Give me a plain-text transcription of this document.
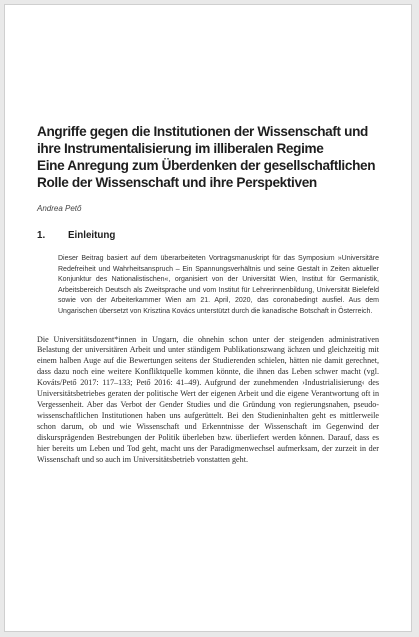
Angriffe gegen die Institutionen der Wissenschaft und ihre Instrumentalisierung im illiberalen Regime
Eine Anregung zum Überdenken der gesellschaftlichen Rolle der Wissenschaft und ihre Perspektiven
Andrea Pető
1.	Einleitung

Dieser Beitrag basiert auf dem überarbeiteten Vortragsmanuskript für das Symposium »Universitäre Redefreiheit und Wahrheitsanspruch – Ein Spannungsverhältnis und seine Gestalt in Zeiten aktueller Konjunktur des Nationalistischen«, organisiert von der Universität Wien, Institut für Germanistik, Arbeitsbereich Deutsch als Zweitsprache und vom Institut für Lehrerinnenbildung, Universität Bielefeld sowie von der Arbeiterkammer Wien am 21. April, 2020, das coronabedingt ausfiel. Aus dem Ungarischen übersetzt von Krisztina Kovács unterstützt durch die kanadische Botschaft in Österreich.

Die Universitätsdozent*innen in Ungarn, die ohnehin schon unter der steigenden administrativen Belastung der universitären Arbeit und unter ständigem Publikationszwang ächzen und gleichzeitig mit einem halben Auge auf die Bewertungen seitens der Studierenden schielen, hätten nie damit gerechnet, dass dazu noch eine weitere Konfliktquelle kommen könnte, die ihnen das Leben schwer macht (vgl. Kováts/Pető 2017: 117–133; Pető 2016: 41–49). Aufgrund der zunehmenden ›Industrialisierung‹ des Universitätsbetriebes geraten der politische Wert der eigenen Arbeit und die eigene Verantwortung oft in Vergessenheit. Aber das Verbot der Gender Studies und die Gründung von regierungsnahen, pseudo-wissenschaftlichen Institutionen haben uns aufgerüttelt. Bei den Studieninhalten geht es mittlerweile schon darum, ob und wie Wissenschaft und Erkenntnisse der Wissenschaft im Gegenwind der diskursprägenden Bestrebungen der Politik überleben bzw. überliefert werden können. Darauf, dass es hier bereits um Leben und Tod geht, macht uns der Paradigmenwechsel aufmerksam, der zurzeit in der Wissenschaft und so auch im Universitätsbetrieb vonstatten geht.
